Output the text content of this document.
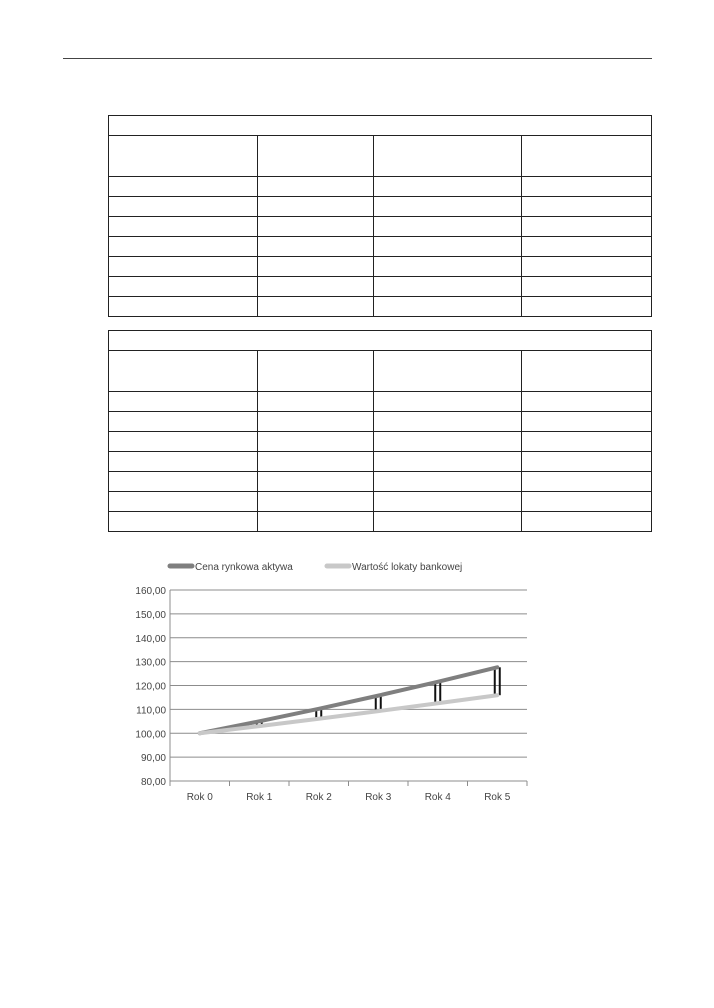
80,00
90,00
100,00
110,00
120,00
130,00
140,00
150,00
160,00
Rok 0	Rok 1	Rok 2	Rok 3	Rok 4	Rok 5
Cena rynkowa aktywa	Wartość lokaty bankowej
